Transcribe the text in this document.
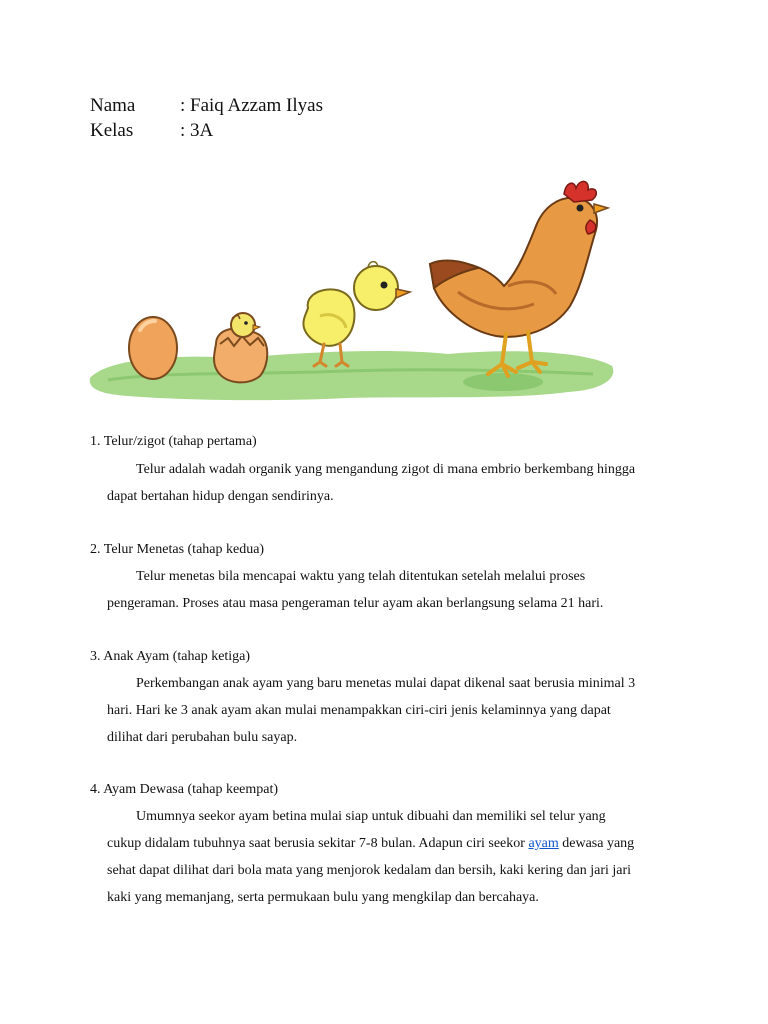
Nama : Faiq Azzam Ilyas
Kelas : 3A
1. Telur/zigot (tahap pertama)
Telur adalah wadah organik yang mengandung zigot di mana embrio berkembang hingga
dapat bertahan hidup dengan sendirinya.
2. Telur Menetas (tahap kedua)
Telur menetas bila mencapai waktu yang telah ditentukan setelah melalui proses
pengeraman. Proses atau masa pengeraman telur ayam akan berlangsung selama 21 hari.
3. Anak Ayam (tahap ketiga)
Perkembangan anak ayam yang baru menetas mulai dapat dikenal saat berusia minimal 3
hari. Hari ke 3 anak ayam akan mulai menampakkan ciri-ciri jenis kelaminnya yang dapat
dilihat dari perubahan bulu sayap.
4. Ayam Dewasa (tahap keempat)
Umumnya seekor ayam betina mulai siap untuk dibuahi dan memiliki sel telur yang
cukup didalam tubuhnya saat berusia sekitar 7-8 bulan. Adapun ciri seekor ayam dewasa yang
sehat dapat dilihat dari bola mata yang menjorok kedalam dan bersih, kaki kering dan jari jari
kaki yang memanjang, serta permukaan bulu yang mengkilap dan bercahaya.
